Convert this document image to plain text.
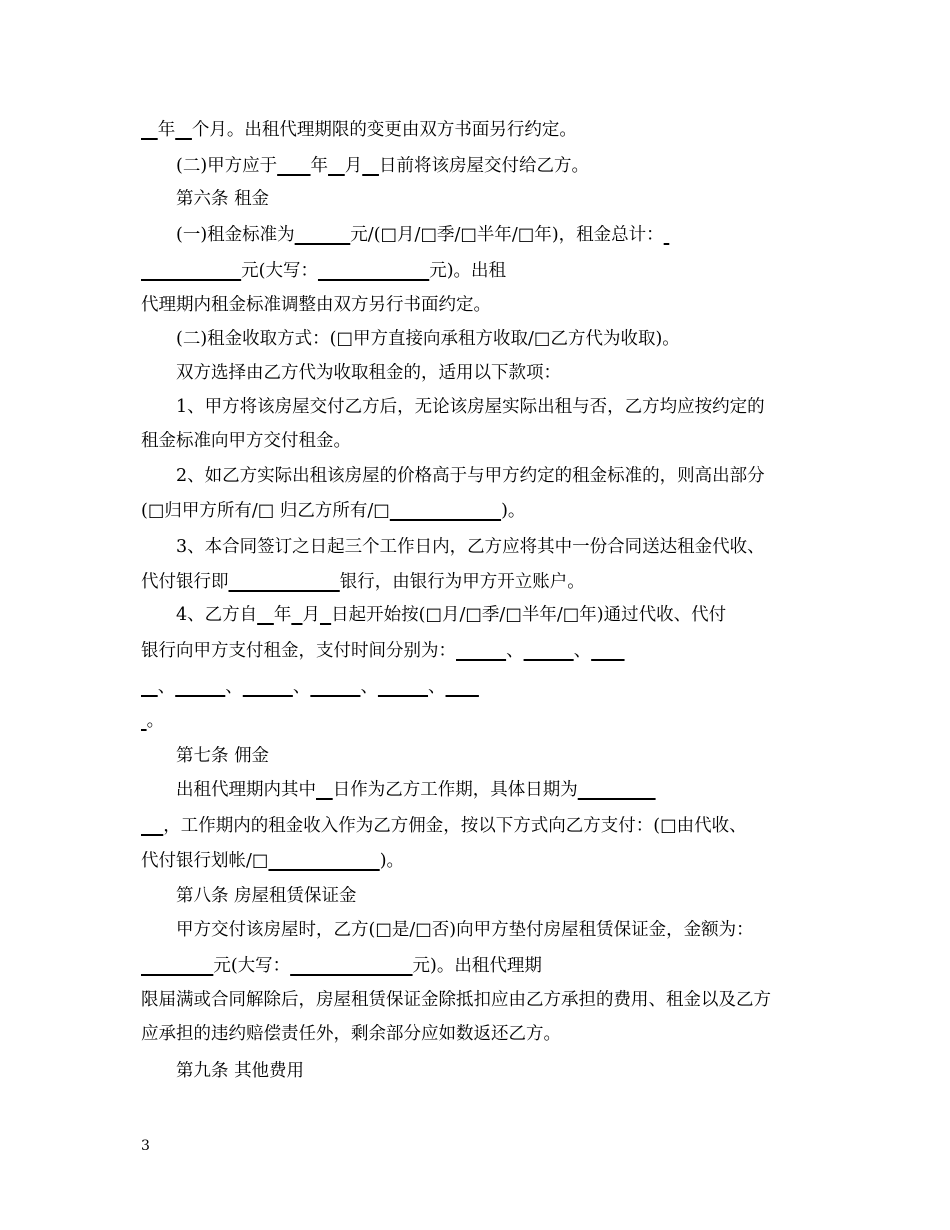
年 个月。出租代理期限的变更由双方书面另行约定。
(二)甲方应于 年 月 日前将该房屋交付给乙方。
第六条 租金
(一)租金标准为	元/(□月/□季/□半年/□年)，租金总计：
元(大写：	元)。出租
代理期内租金标准调整由双方另行书面约定。
(二)租金收取方式：(□甲方直接向承租方收取/□乙方代为收取)。
双方选择由乙方代为收取租金的，适用以下款项：
1、甲方将该房屋交付乙方后，无论该房屋实际出租与否，乙方均应按约定的
租金标准向甲方交付租金。
2、如乙方实际出租该房屋的价格高于与甲方约定的租金标准的，则高出部分
(□归甲方所有/□ 归乙方所有/□	)。
3、本合同签订之日起三个工作日内，乙方应将其中一份合同送达租金代收、
代付银行即	银行，由银行为甲方开立账户。
4、乙方自 年 月 日起开始按(□月/□季/□半年/□年)通过代收、代付
银行向甲方支付租金，支付时间分别为：	、	、
、	、	、	、	、
。
第七条 佣金
出租代理期内其中 日作为乙方工作期，具体日期为
，工作期内的租金收入作为乙方佣金，按以下方式向乙方支付：(□由代收、
代付银行划帐/□	)。
第八条 房屋租赁保证金
甲方交付该房屋时，乙方(□是/□否)向甲方垫付房屋租赁保证金，金额为：
元(大写：	元)。出租代理期
限届满或合同解除后，房屋租赁保证金除抵扣应由乙方承担的费用、租金以及乙方
应承担的违约赔偿责任外，剩余部分应如数返还乙方。
第九条 其他费用
3
